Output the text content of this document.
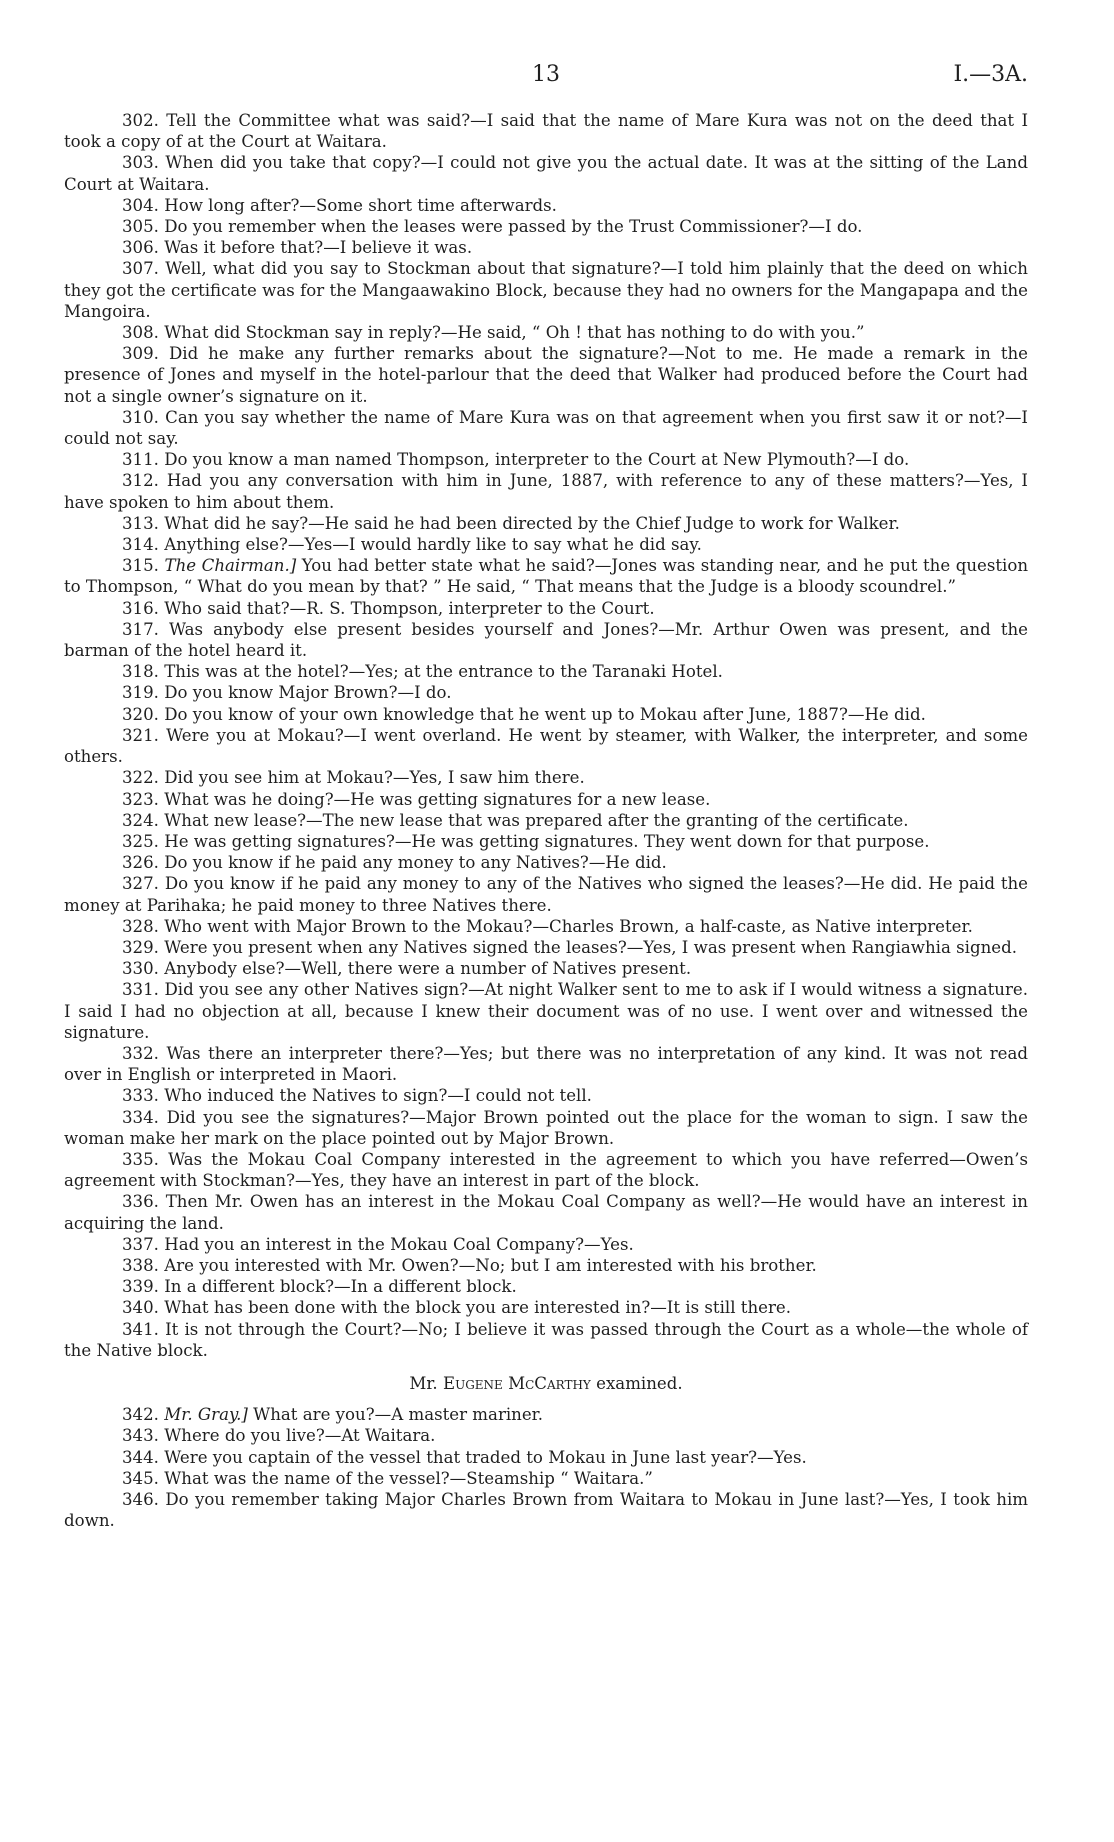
13	I.—3A.

302. Tell the Committee what was said?—I said that the name of Mare Kura was not on the deed that I took a copy of at the Court at Waitara.

303. When did you take that copy?—I could not give you the actual date. It was at the sitting of the Land Court at Waitara.

304. How long after?—Some short time afterwards.

305. Do you remember when the leases were passed by the Trust Commissioner?—I do.

306. Was it before that?—I believe it was.

307. Well, what did you say to Stockman about that signature?—I told him plainly that the deed on which they got the certificate was for the Mangaawakino Block, because they had no owners for the Mangapapa and the Mangoira.

308. What did Stockman say in reply?—He said, “ Oh ! that has nothing to do with you.”

309. Did he make any further remarks about the signature?—Not to me. He made a remark in the presence of Jones and myself in the hotel-parlour that the deed that Walker had produced before the Court had not a single owner’s signature on it.

310. Can you say whether the name of Mare Kura was on that agreement when you first saw it or not?—I could not say.

311. Do you know a man named Thompson, interpreter to the Court at New Plymouth?—I do.

312. Had you any conversation with him in June, 1887, with reference to any of these matters?—Yes, I have spoken to him about them.

313. What did he say?—He said he had been directed by the Chief Judge to work for Walker.

314. Anything else?—Yes—I would hardly like to say what he did say.

315. The Chairman.] You had better state what he said?—Jones was standing near, and he put the question to Thompson, “ What do you mean by that? ” He said, “ That means that the Judge is a bloody scoundrel.”

316. Who said that?—R. S. Thompson, interpreter to the Court.

317. Was anybody else present besides yourself and Jones?—Mr. Arthur Owen was present, and the barman of the hotel heard it.

318. This was at the hotel?—Yes; at the entrance to the Taranaki Hotel.

319. Do you know Major Brown?—I do.

320. Do you know of your own knowledge that he went up to Mokau after June, 1887?—He did.

321. Were you at Mokau?—I went overland. He went by steamer, with Walker, the interpreter, and some others.

322. Did you see him at Mokau?—Yes, I saw him there.

323. What was he doing?—He was getting signatures for a new lease.

324. What new lease?—The new lease that was prepared after the granting of the certificate.

325. He was getting signatures?—He was getting signatures. They went down for that purpose.

326. Do you know if he paid any money to any Natives?—He did.

327. Do you know if he paid any money to any of the Natives who signed the leases?—He did. He paid the money at Parihaka; he paid money to three Natives there.

328. Who went with Major Brown to the Mokau?—Charles Brown, a half-caste, as Native interpreter.

329. Were you present when any Natives signed the leases?—Yes, I was present when Rangiawhia signed.

330. Anybody else?—Well, there were a number of Natives present.

331. Did you see any other Natives sign?—At night Walker sent to me to ask if I would witness a signature. I said I had no objection at all, because I knew their document was of no use. I went over and witnessed the signature.

332. Was there an interpreter there?—Yes; but there was no interpretation of any kind. It was not read over in English or interpreted in Maori.

333. Who induced the Natives to sign?—I could not tell.

334. Did you see the signatures?—Major Brown pointed out the place for the woman to sign. I saw the woman make her mark on the place pointed out by Major Brown.

335. Was the Mokau Coal Company interested in the agreement to which you have referred—Owen’s agreement with Stockman?—Yes, they have an interest in part of the block.

336. Then Mr. Owen has an interest in the Mokau Coal Company as well?—He would have an interest in acquiring the land.

337. Had you an interest in the Mokau Coal Company?—Yes.

338. Are you interested with Mr. Owen?—No; but I am interested with his brother.

339. In a different block?—In a different block.

340. What has been done with the block you are interested in?—It is still there.

341. It is not through the Court?—No; I believe it was passed through the Court as a whole—the whole of the Native block.

Mr. Eugene McCarthy examined.

342. Mr. Gray.] What are you?—A master mariner.

343. Where do you live?—At Waitara.

344. Were you captain of the vessel that traded to Mokau in June last year?—Yes.

345. What was the name of the vessel?—Steamship “ Waitara.”

346. Do you remember taking Major Charles Brown from Waitara to Mokau in June last?—Yes, I took him down.
